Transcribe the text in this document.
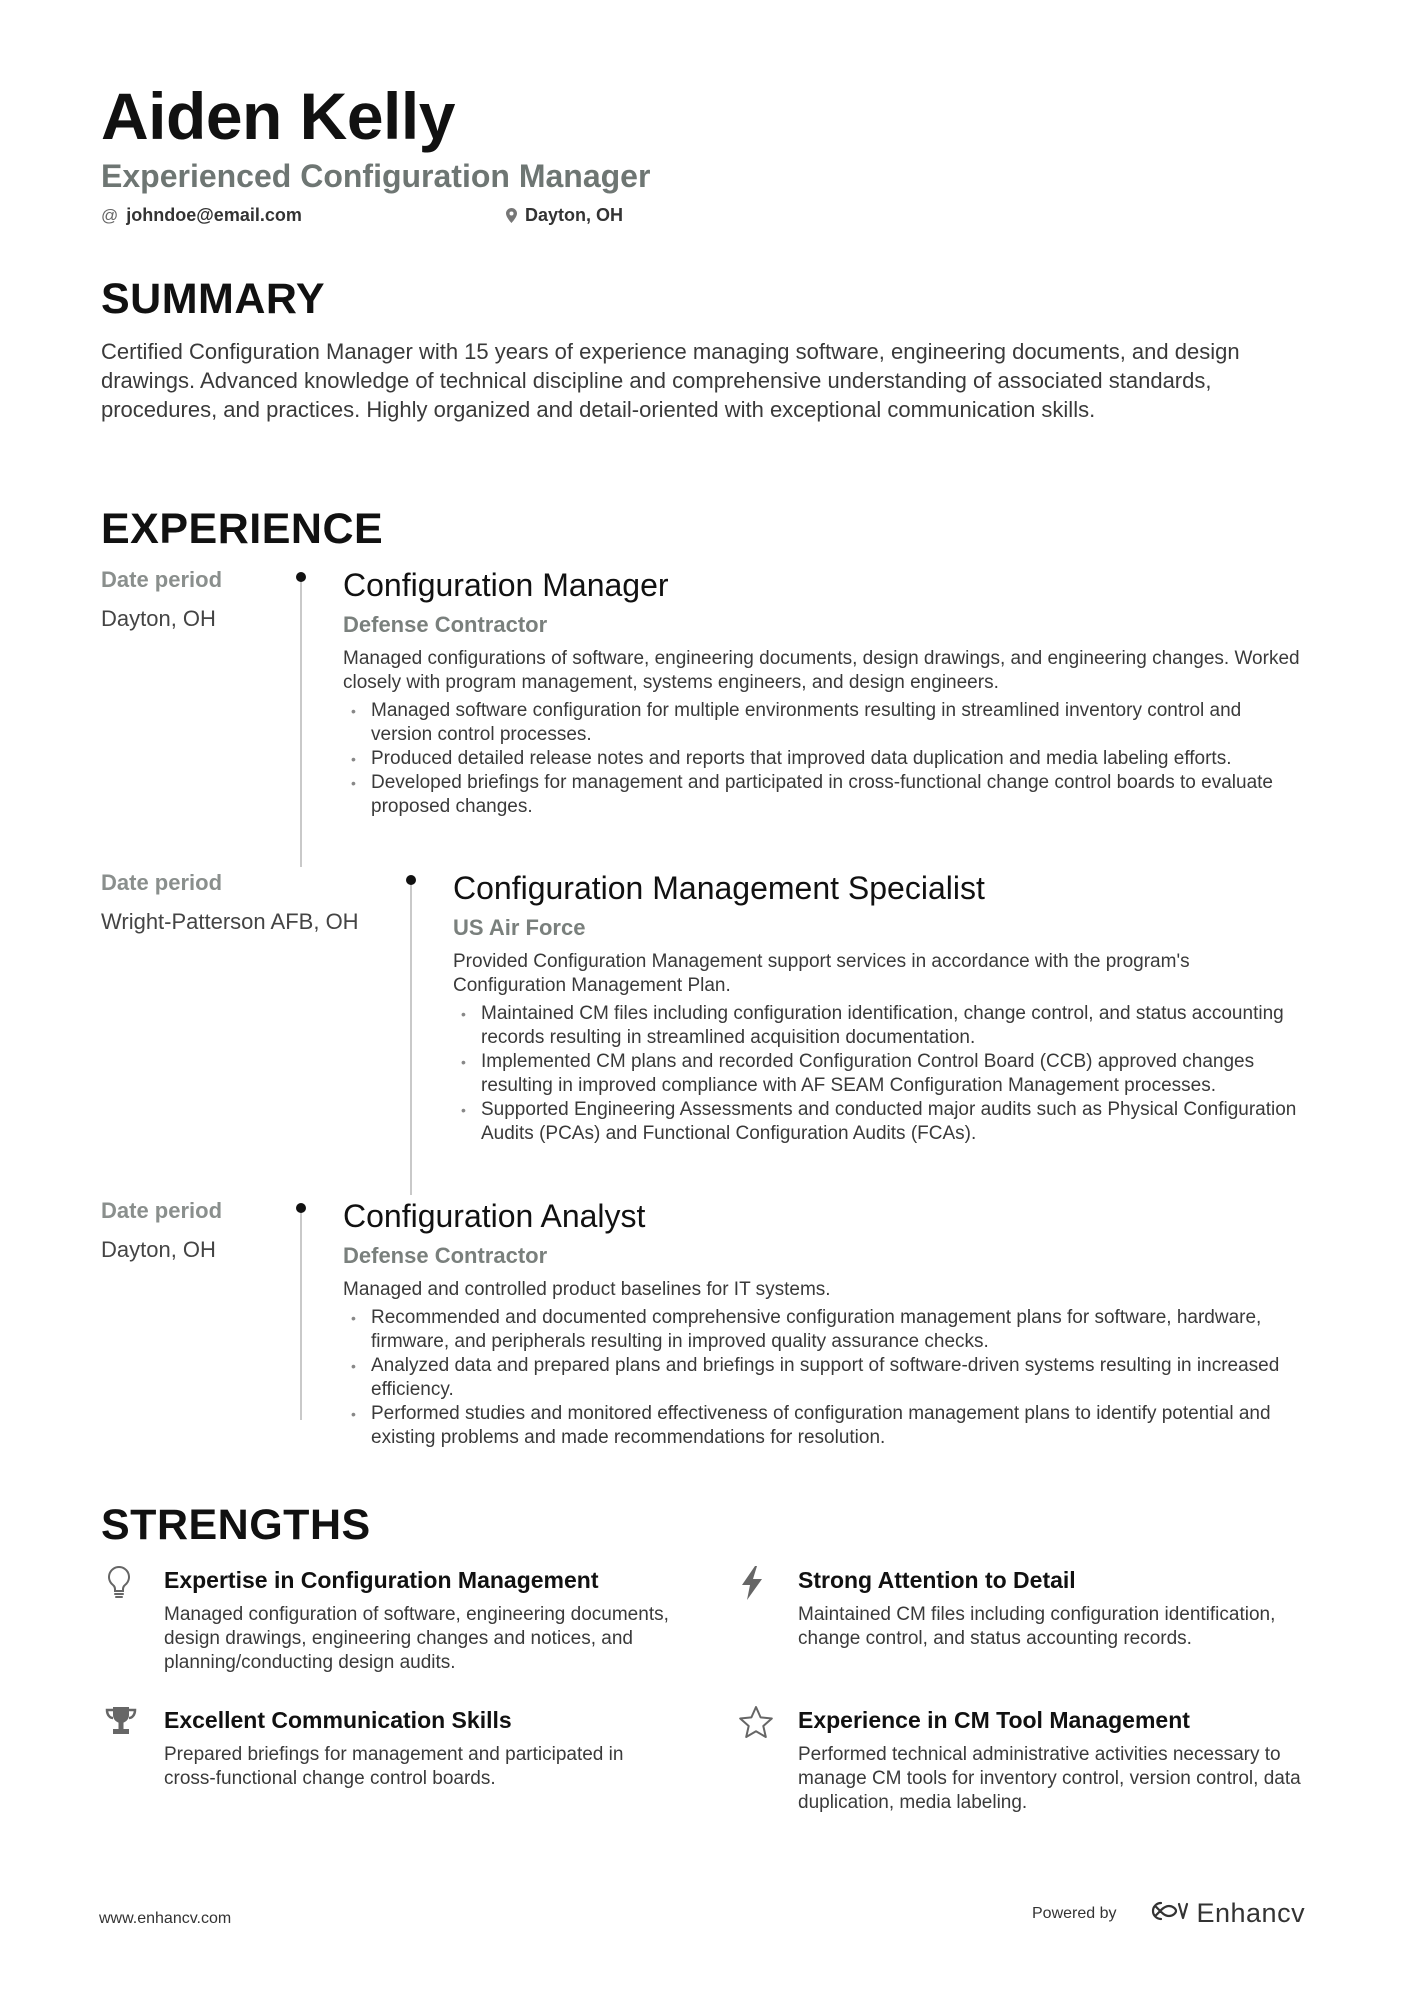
Aiden Kelly
Experienced Configuration Manager
@ johndoe@email.com	Dayton, OH
SUMMARY

Certified Configuration Manager with 15 years of experience managing software, engineering documents, and design drawings. Advanced knowledge of technical discipline and comprehensive understanding of associated standards, procedures, and practices. Highly organized and detail-oriented with exceptional communication skills.

EXPERIENCE
Date period
Dayton, OH
Configuration Manager
Defense Contractor
Managed configurations of software, engineering documents, design drawings, and engineering changes. Worked closely with program management, systems engineers, and design engineers.
• Managed software configuration for multiple environments resulting in streamlined inventory control and version control processes.
• Produced detailed release notes and reports that improved data duplication and media labeling efforts.
• Developed briefings for management and participated in cross-functional change control boards to evaluate proposed changes.
Date period
Wright-Patterson AFB, OH
Configuration Management Specialist
US Air Force
Provided Configuration Management support services in accordance with the program's Configuration Management Plan.
• Maintained CM files including configuration identification, change control, and status accounting records resulting in streamlined acquisition documentation.
• Implemented CM plans and recorded Configuration Control Board (CCB) approved changes resulting in improved compliance with AF SEAM Configuration Management processes.
• Supported Engineering Assessments and conducted major audits such as Physical Configuration Audits (PCAs) and Functional Configuration Audits (FCAs).
Date period
Dayton, OH
Configuration Analyst
Defense Contractor
Managed and controlled product baselines for IT systems.
• Recommended and documented comprehensive configuration management plans for software, hardware, firmware, and peripherals resulting in improved quality assurance checks.
• Analyzed data and prepared plans and briefings in support of software-driven systems resulting in increased efficiency.
• Performed studies and monitored effectiveness of configuration management plans to identify potential and existing problems and made recommendations for resolution.
STRENGTHS
Expertise in Configuration Management
Managed configuration of software, engineering documents, design drawings, engineering changes and notices, and planning/conducting design audits.
Strong Attention to Detail
Maintained CM files including configuration identification, change control, and status accounting records.
Excellent Communication Skills
Prepared briefings for management and participated in cross-functional change control boards.
Experience in CM Tool Management
Performed technical administrative activities necessary to manage CM tools for inventory control, version control, data duplication, media labeling.
www.enhancv.com	Powered by	Enhancv
